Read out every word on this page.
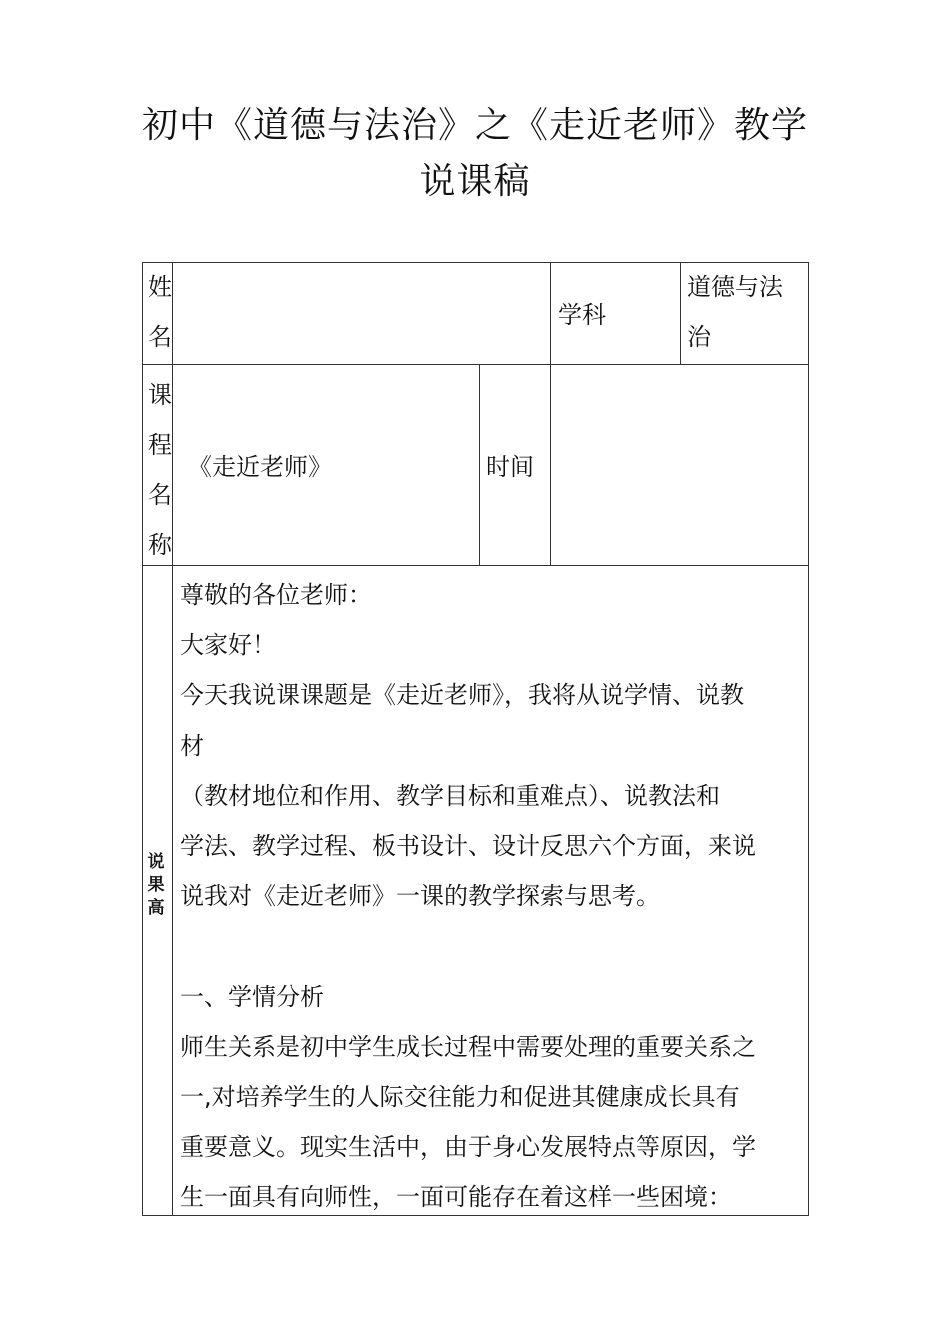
初中《道德与法治》之《走近老师》教学
说课稿
姓
名
学科
道德与法
治
课
程
名
称
《走近老师》	时间
说
果
高

尊敬的各位老师：

大家好！

今天我说课课题是《走近老师》，我将从说学情、说教

材

（教材地位和作用、教学目标和重难点）、说教法和

学法、教学过程、板书设计、设计反思六个方面，来说

说我对《走近老师》一课的教学探索与思考。

一、学情分析

师生关系是初中学生成长过程中需要处理的重要关系之

一,对培养学生的人际交往能力和促进其健康成长具有

重要意义。现实生活中，由于身心发展特点等原因，学

生一面具有向师性，一面可能存在着这样一些困境：
